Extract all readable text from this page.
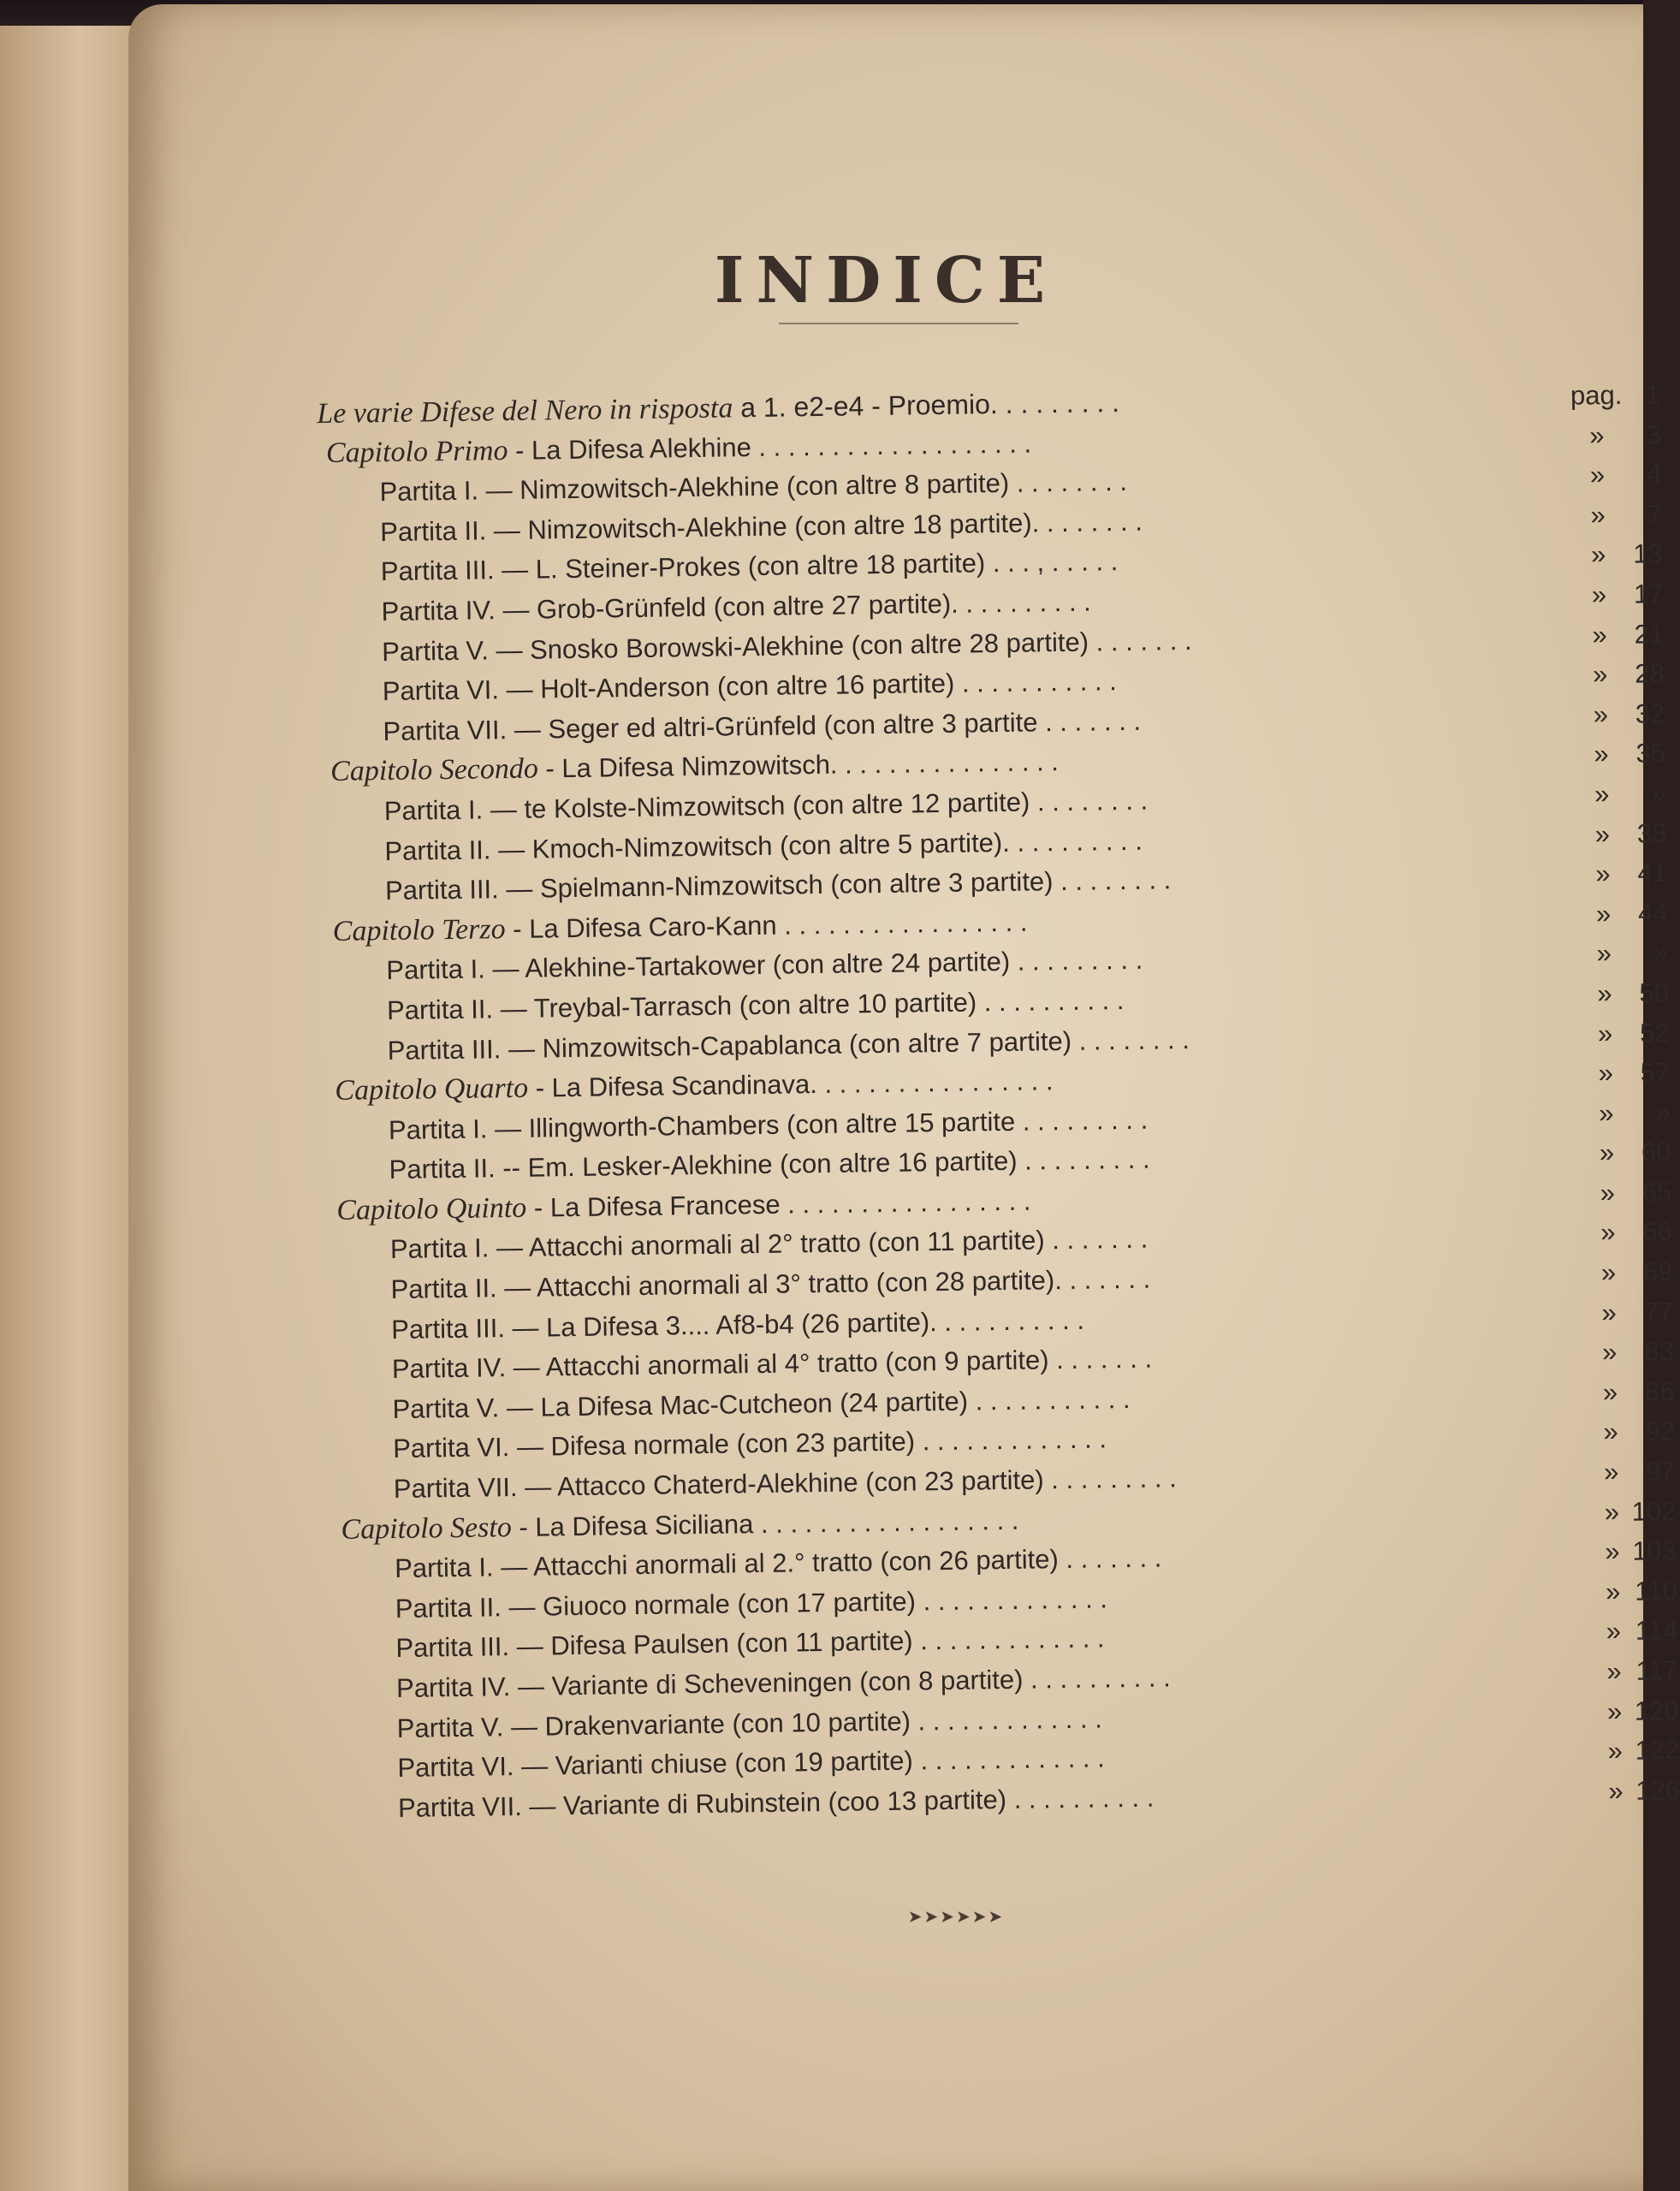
INDICE
Le varie Difese del Nero in risposta a 1. e2-e4 - Proemio. . . . . . . . .	pag. 1
Capitolo Primo - La Difesa Alekhine . . . . . . . . . . . . . . . . . . .	»	3
Partita I. — Nimzowitsch-Alekhine (con altre 8 partite) . . . . . . . .	»	4
Partita II. — Nimzowitsch-Alekhine (con altre 18 partite). . . . . . . .	»	7
Partita III. — L. Steiner-Prokes (con altre 18 partite) . . . , . . . . .	»	13
Partita IV. — Grob-Grünfeld (con altre 27 partite). . . . . . . . . .	»	17
Partita V. — Snosko Borowski-Alekhine (con altre 28 partite) . . . . . . .	»	21
Partita VI. — Holt-Anderson (con altre 16 partite) . . . . . . . . . . .	»	28
Partita VII. — Seger ed altri-Grünfeld (con altre 3 partite . . . . . . .	»	32
Capitolo Secondo - La Difesa Nimzowitsch. . . . . . . . . . . . . . . .	»	35
Partita I. — te Kolste-Nimzowitsch (con altre 12 partite) . . . . . . . .	»	»
Partita II. — Kmoch-Nimzowitsch (con altre 5 partite). . . . . . . . . .	»	38
Partita III. — Spielmann-Nimzowitsch (con altre 3 partite) . . . . . . . .	»	41
Capitolo Terzo - La Difesa Caro-Kann . . . . . . . . . . . . . . . . .	»	44
Partita I. — Alekhine-Tartakower (con altre 24 partite) . . . . . . . . .	»	»
Partita II. — Treybal-Tarrasch (con altre 10 partite) . . . . . . . . . .	»	50
Partita III. — Nimzowitsch-Capablanca (con altre 7 partite) . . . . . . . .	»	52
Capitolo Quarto - La Difesa Scandinava. . . . . . . . . . . . . . . . .	»	57
Partita I. — Illingworth-Chambers (con altre 15 partite . . . . . . . . .	»	»
Partita II. -- Em. Lesker-Alekhine (con altre 16 partite) . . . . . . . . .	»	60
Capitolo Quinto - La Difesa Francese . . . . . . . . . . . . . . . . .	»	65
Partita I. — Attacchi anormali al 2° tratto (con 11 partite) . . . . . . .	»	66
Partita II. — Attacchi anormali al 3° tratto (con 28 partite). . . . . . .	»	69
Partita III. — La Difesa 3.... Af8-b4 (26 partite). . . . . . . . . . .	»	77
Partita IV. — Attacchi anormali al 4° tratto (con 9 partite) . . . . . . .	»	83
Partita V. — La Difesa Mac-Cutcheon (24 partite) . . . . . . . . . . .	»	86
Partita VI. — Difesa normale (con 23 partite) . . . . . . . . . . . . .	»	92
Partita VII. — Attacco Chaterd-Alekhine (con 23 partite) . . . . . . . . .	»	97
Capitolo Sesto - La Difesa Siciliana . . . . . . . . . . . . . . . . . .	» 102
Partita I. — Attacchi anormali al 2.° tratto (con 26 partite) . . . . . . .	» 103
Partita II. — Giuoco normale (con 17 partite) . . . . . . . . . . . . .	» 110
Partita III. — Difesa Paulsen (con 11 partite) . . . . . . . . . . . . .	» 114
Partita IV. — Variante di Scheveningen (con 8 partite) . . . . . . . . . .	» 117
Partita V. — Drakenvariante (con 10 partite) . . . . . . . . . . . . .	» 120
Partita VI. — Varianti chiuse (con 19 partite) . . . . . . . . . . . . .	» 122
Partita VII. — Variante di Rubinstein (coo 13 partite) . . . . . . . . . .	» 126
➤➤➤➤➤➤
